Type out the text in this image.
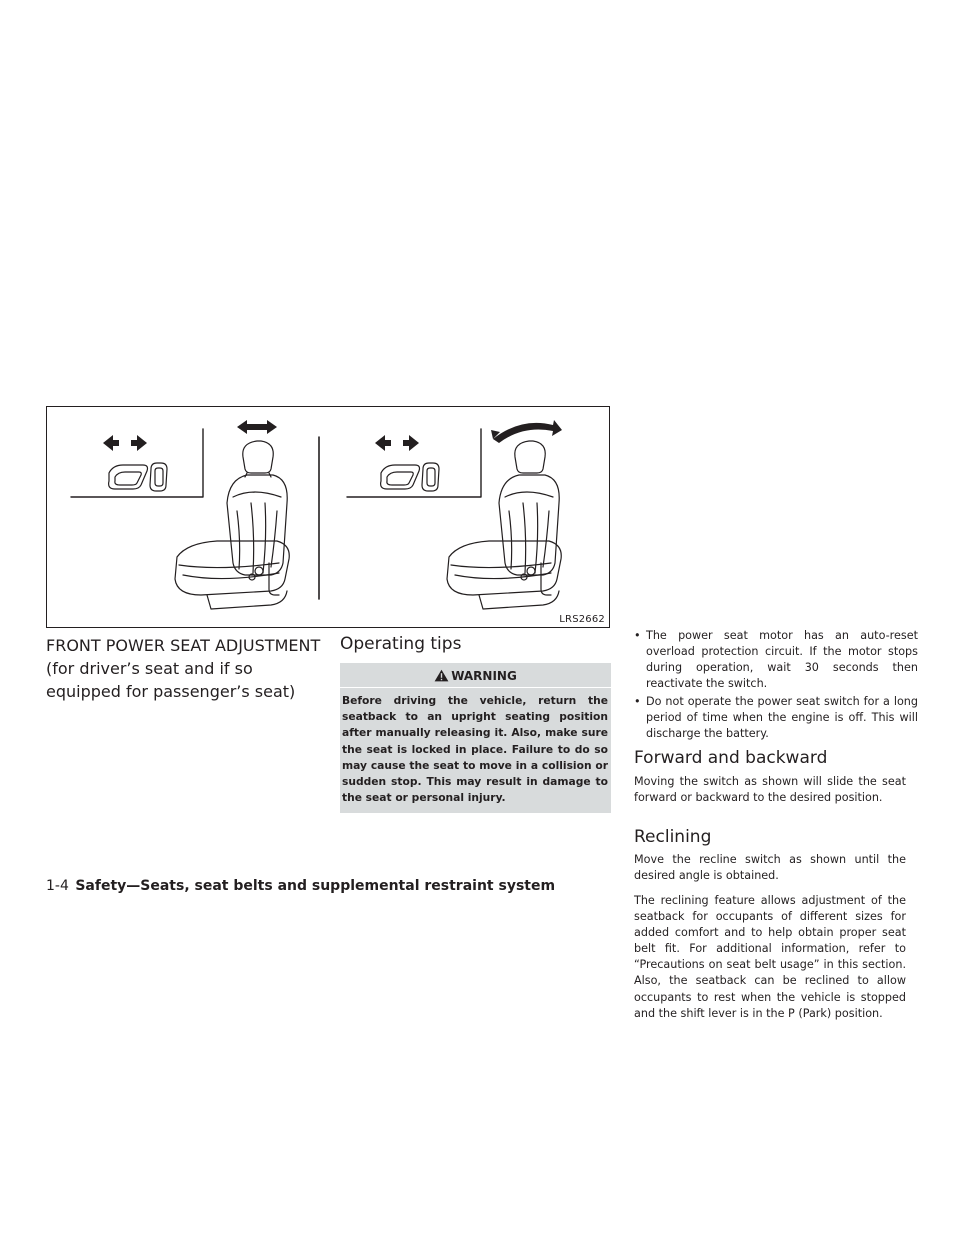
LRS2662
FRONT POWER SEAT ADJUSTMENT
(for driver’s seat and if so
equipped for passenger’s seat)
Operating tips
WARNING
Before driving the vehicle, return the seatback to an upright seating position after manually releasing it. Also, make sure the seat is locked in place. Failure to do so may cause the seat to move in a collision or sudden stop. This may result in damage to the seat or personal injury.
• The power seat motor has an auto-reset overload protection circuit. If the motor stops during operation, wait 30 seconds then reactivate the switch.
• Do not operate the power seat switch for a long period of time when the engine is off. This will discharge the battery.
Forward and backward
Moving the switch as shown will slide the seat forward or backward to the desired position.
Reclining
Move the recline switch as shown until the desired angle is obtained.
The reclining feature allows adjustment of the seatback for occupants of different sizes for added comfort and to help obtain proper seat belt fit. For additional information, refer to “Precautions on seat belt usage” in this section. Also, the seatback can be reclined to allow occupants to rest when the vehicle is stopped and the shift lever is in the P (Park) position.
1-4 Safety—Seats, seat belts and supplemental restraint system
